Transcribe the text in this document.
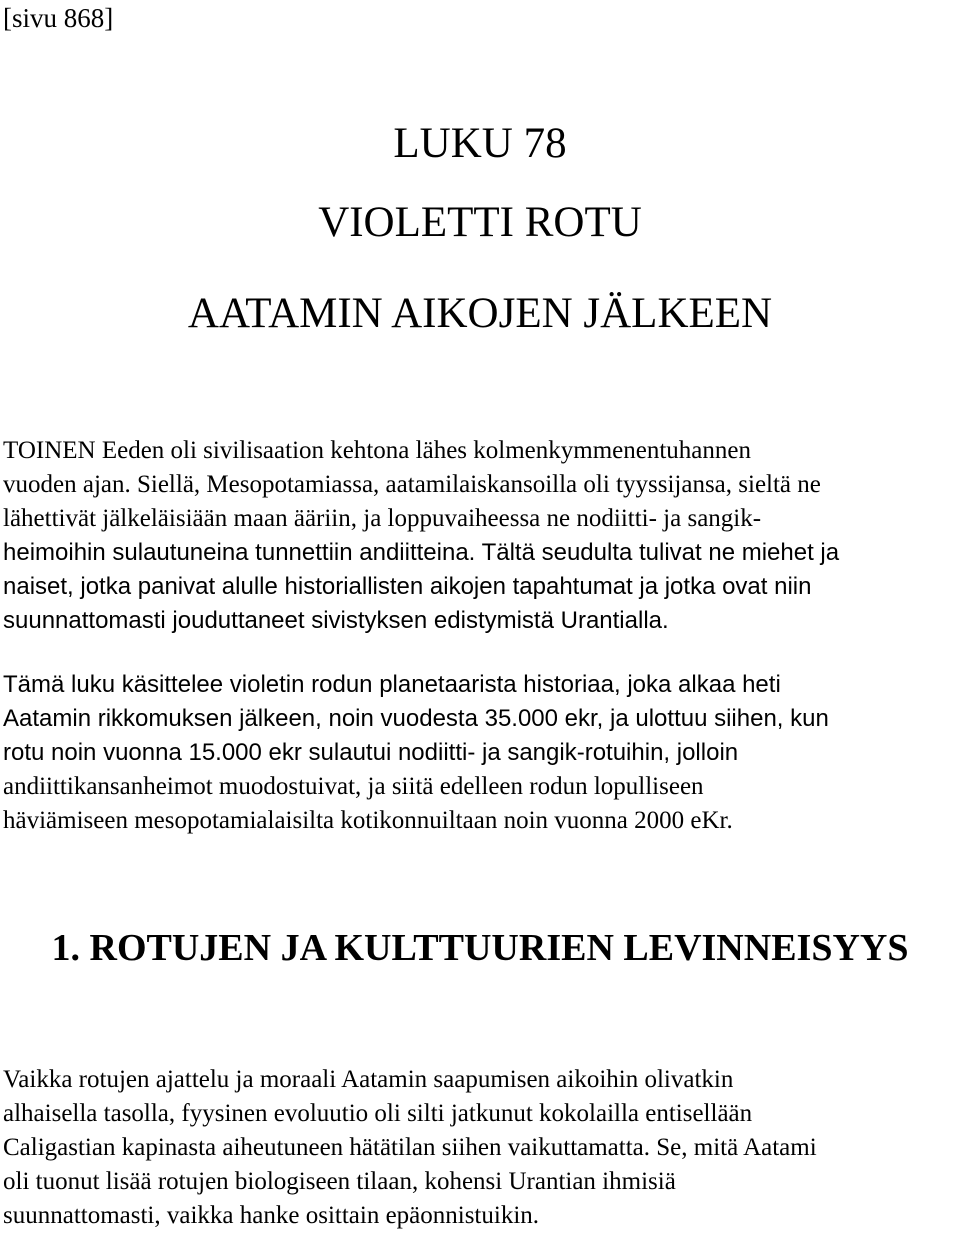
[sivu 868]
LUKU 78
VIOLETTI ROTU
AATAMIN AIKOJEN JÄLKEEN

TOINEN Eeden oli sivilisaation kehtona lähes kolmenkymmenentuhannen
vuoden ajan. Siellä, Mesopotamiassa, aatamilaiskansoilla oli tyyssijansa, sieltä ne
lähettivät jälkeläisiään maan ääriin, ja loppuvaiheessa ne nodiitti- ja sangik-
heimoihin sulautuneina tunnettiin andiitteina. Tältä seudulta tulivat ne miehet ja
naiset, jotka panivat alulle historiallisten aikojen tapahtumat ja jotka ovat niin
suunnattomasti jouduttaneet sivistyksen edistymistä Urantialla.

Tämä luku käsittelee violetin rodun planetaarista historiaa, joka alkaa heti
Aatamin rikkomuksen jälkeen, noin vuodesta 35.000 ekr, ja ulottuu siihen, kun
rotu noin vuonna 15.000 ekr sulautui nodiitti- ja sangik-rotuihin, jolloin
andiittikansanheimot muodostuivat, ja siitä edelleen rodun lopulliseen
häviämiseen mesopotamialaisilta kotikonnuiltaan noin vuonna 2000 eKr.

1. ROTUJEN JA KULTTUURIEN LEVINNEISYYS

Vaikka rotujen ajattelu ja moraali Aatamin saapumisen aikoihin olivatkin
alhaisella tasolla, fyysinen evoluutio oli silti jatkunut kokolailla entisellään
Caligastian kapinasta aiheutuneen hätätilan siihen vaikuttamatta. Se, mitä Aatami
oli tuonut lisää rotujen biologiseen tilaan, kohensi Urantian ihmisiä
suunnattomasti, vaikka hanke osittain epäonnistuikin.
